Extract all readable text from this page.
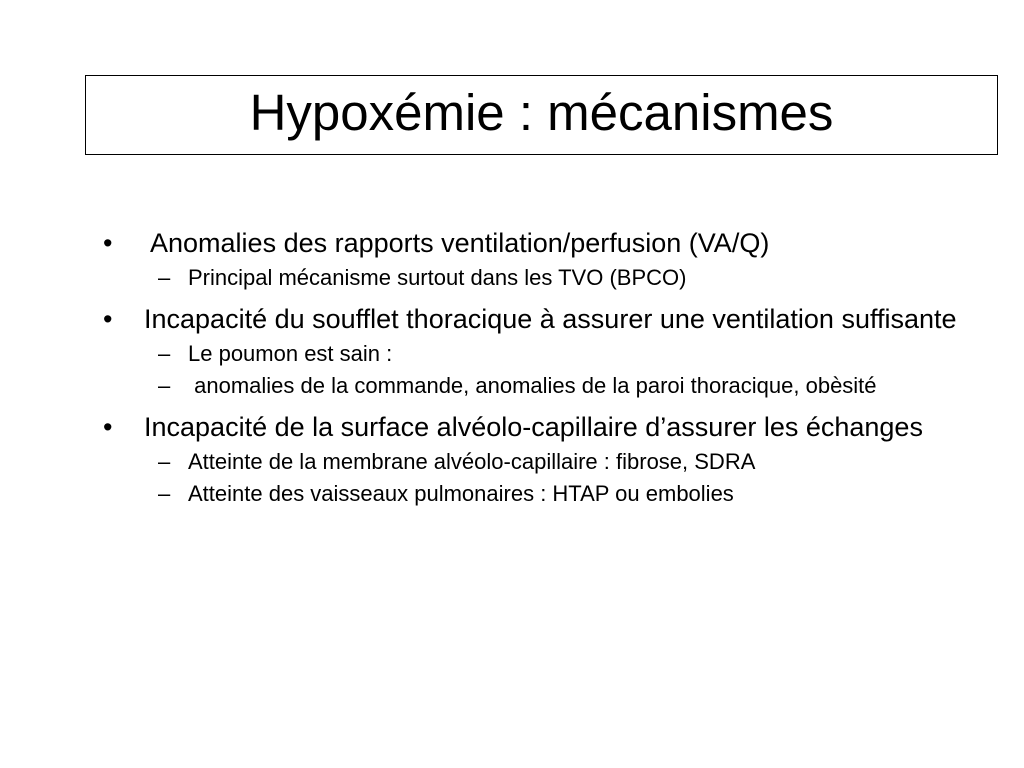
Hypoxémie : mécanismes
• Anomalies des rapports ventilation/perfusion (VA/Q)
– Principal mécanisme surtout dans les TVO (BPCO)
• Incapacité du soufflet thoracique à assurer une ventilation suffisante
– Le poumon est sain :
– anomalies de la commande, anomalies de la paroi thoracique, obèsité
• Incapacité de la surface alvéolo-capillaire d’assurer les échanges
– Atteinte de la membrane alvéolo-capillaire : fibrose, SDRA
– Atteinte des vaisseaux pulmonaires : HTAP ou embolies
